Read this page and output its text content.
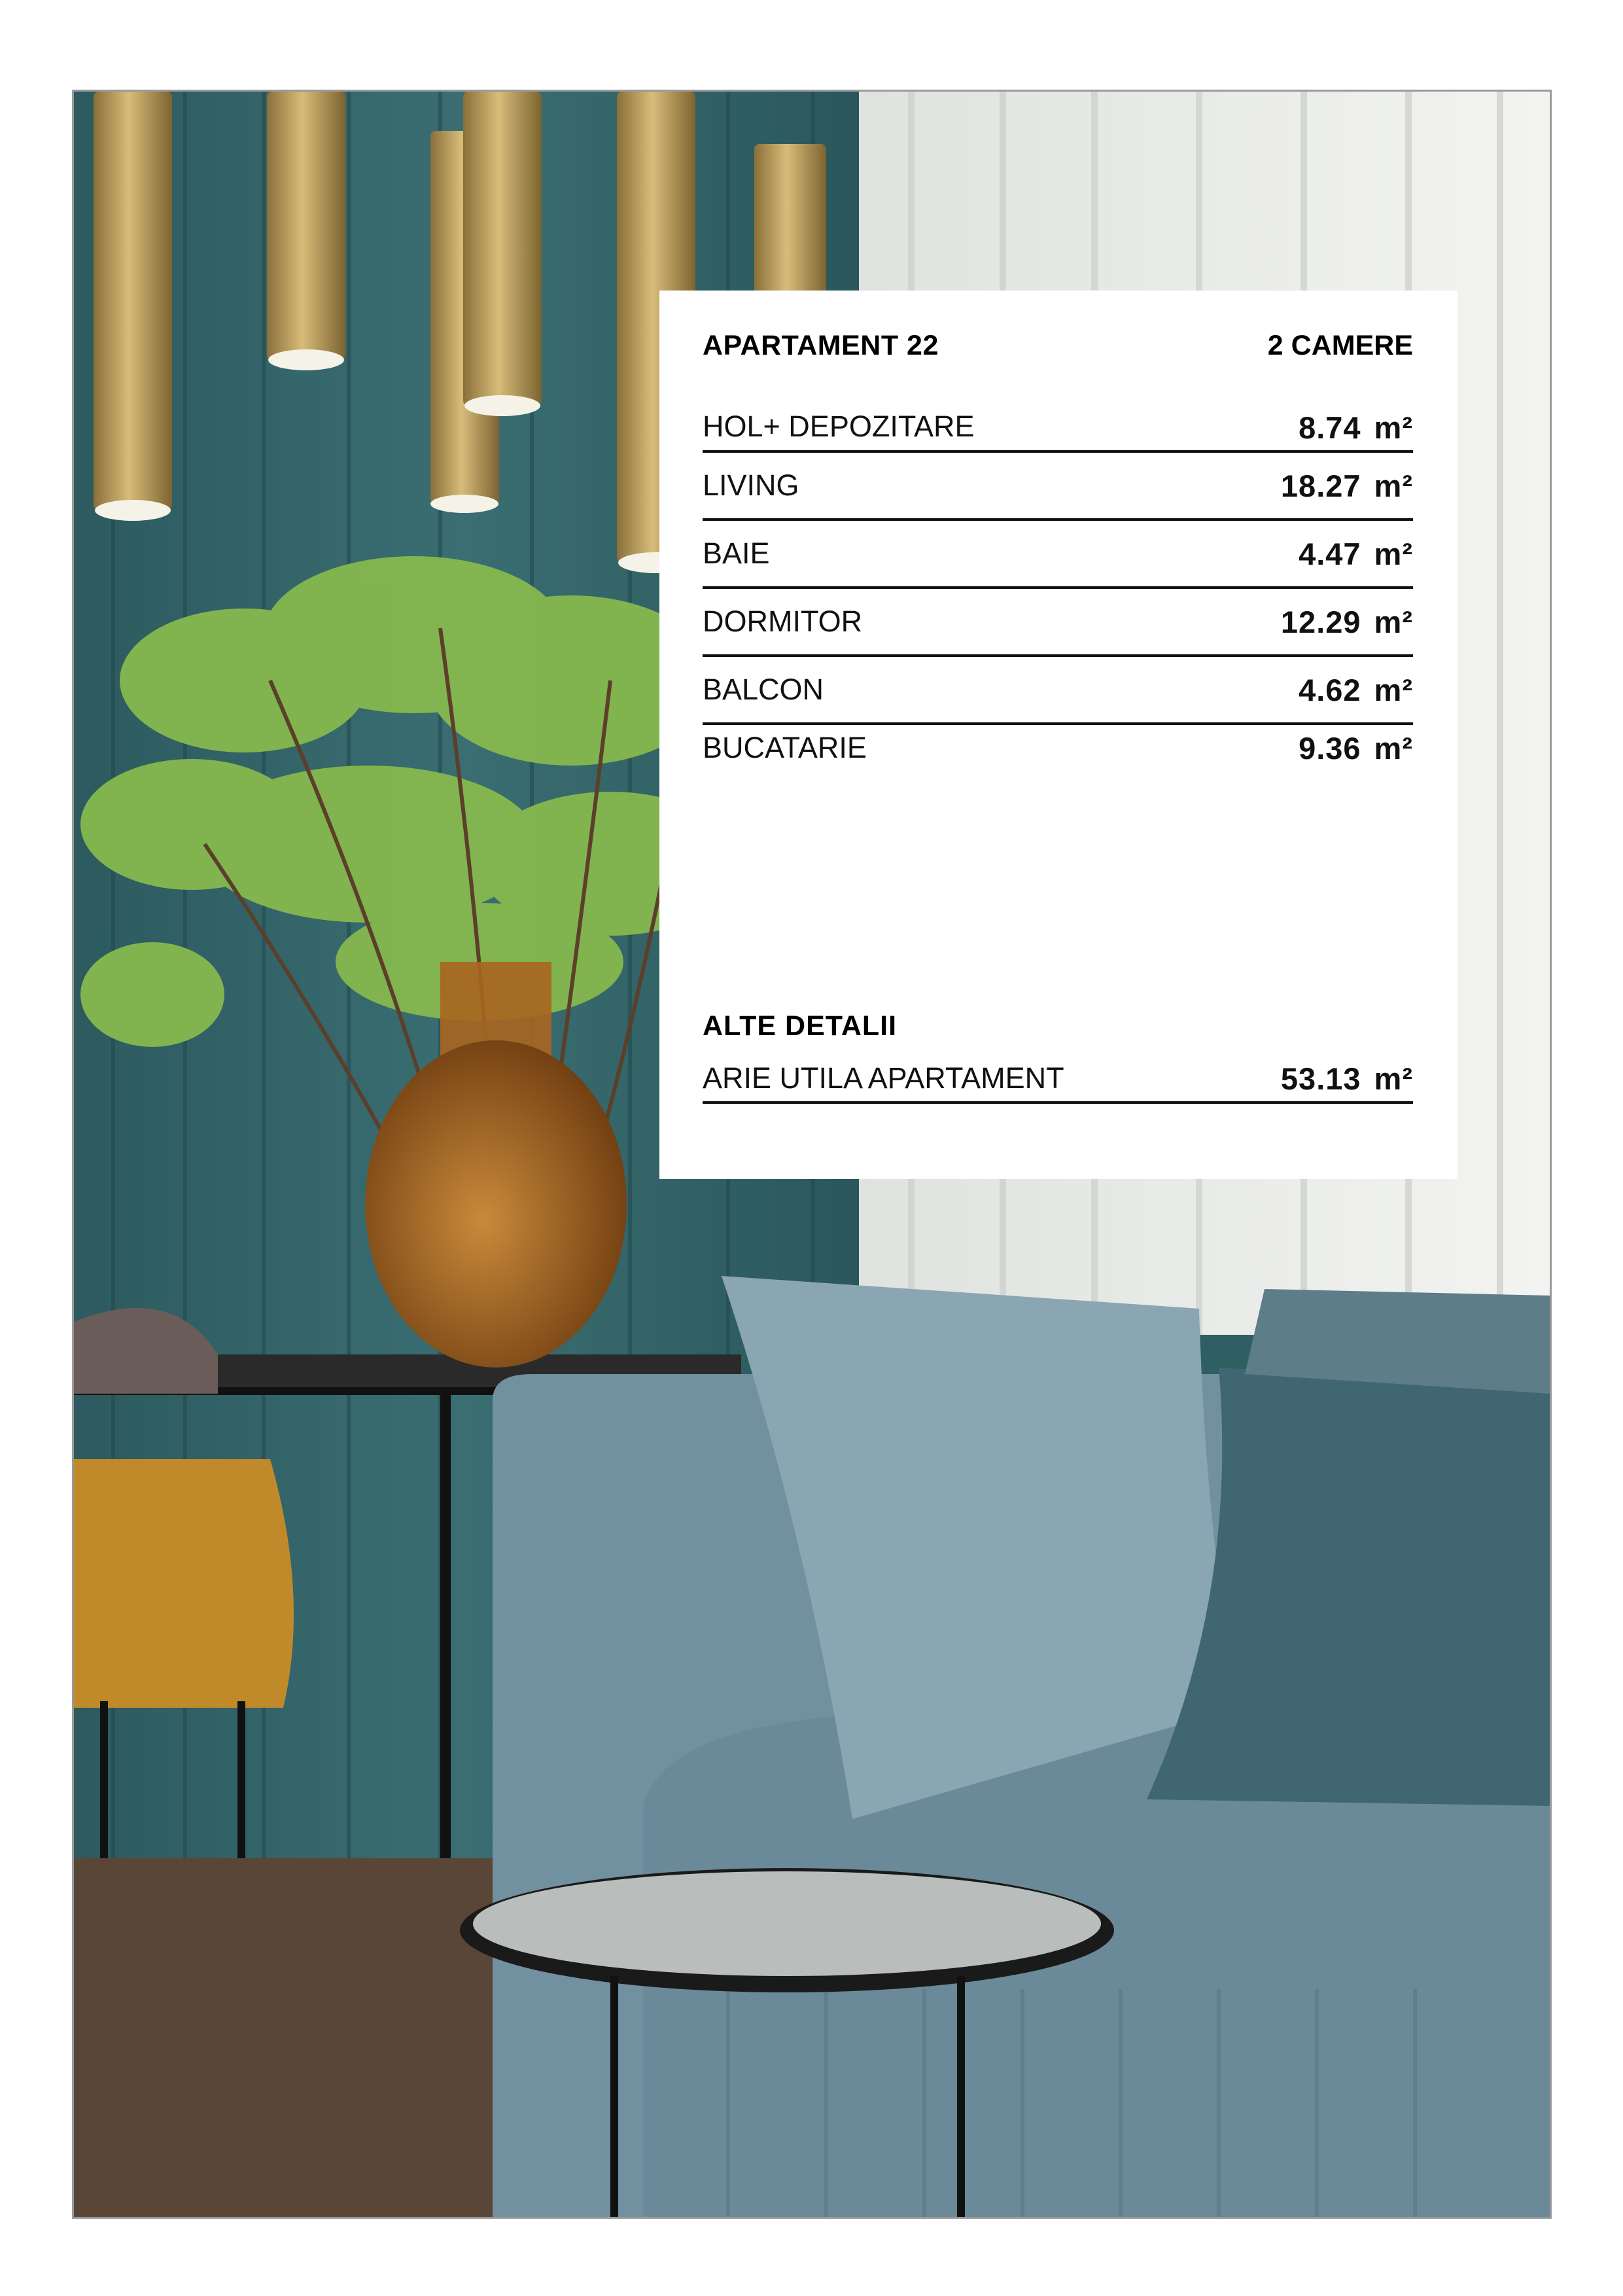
APARTAMENT 22	2 CAMERE
HOL+ DEPOZITARE	8.74 m²
LIVING	18.27 m²
BAIE	4.47 m²
DORMITOR	12.29 m²
BALCON	4.62 m²
BUCATARIE	9.36 m²
ALTE DETALII
ARIE UTILA APARTAMENT	53.13 m²
